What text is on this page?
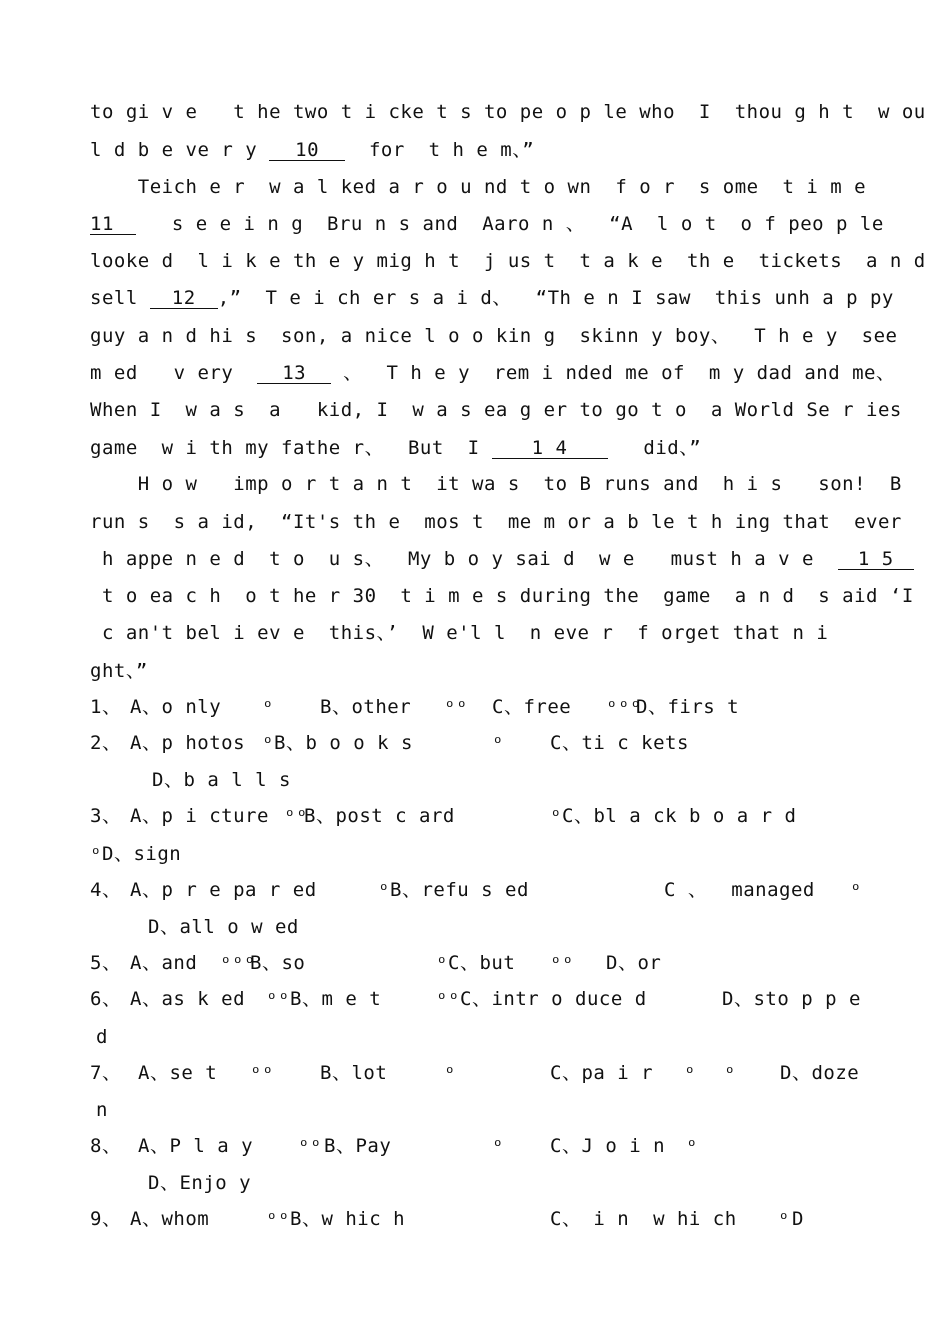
to gi v e   t he two t i cke t s to pe o p le who  I  thou g h t  w ou
l d b e ve r y 10  for  t h e m、”
Teich e r  w a l ked a r o u nd t o wn  f o r  s ome  t i m e
11   s e e i n g  Bru n s and  Aaro n 、  “A  l o t  o f peo p le
looke d  l i k e th e y mig h t  j us t  t a k e  th e  tickets  a n d
sell 12 ,”  T e i ch er s a i d、  “Th e n I saw  this unh a p py
guy a n d hi s  son, a nice l o o kin g  skinn y boy、  T h e y  see
m ed   v ery  13 、  T h e y  rem i nded me of  m y dad and me、
When I  w a s  a   kid, I  w a s ea g er to go t o  a World Se r ies
game  w i th my fathe r、  But  I 1 4   did、”
H o w   imp o r t a n t  it wa s  to B runs and  h i s   son!  B
run s  s a id,  “It's th e  mos t  me m or a b le t h ing that  ever
h appe n e d  t o  u s、  My b o y sai d  w e   must h a v e  1 5
t o ea c h  o t he r 30  t i m e s during the  game  a n d  s aid ‘I
c an't bel i ev e  this、’  W e'l l  n eve r  f orget that n i
ght、”
1、 A、o nly ᵒ B、other ᵒᵒ C、free ᵒᵒᵒ
D、firs t
2、 A、p hotos ᵒ B、b o o k s	ᵒ C、ti c kets
D、b a l l s
3、 A、p i cture ᵒᵒ
B、post c ard	ᵒ C、bl a ck b o a r d
ᵒ D、sign
4、 A、p r e pa r ed	ᵒ B、refu s ed	C 、  managed ᵒ
D、all o w ed
5、 A、and ᵒᵒᵒ
B、so	ᵒ C、but ᵒᵒ D、or
6、 A、as k ed ᵒᵒ B、m e t	ᵒᵒ C、intr o duce d	D、sto p p e
d
7、 A、se t ᵒᵒ B、lot	ᵒ	C、pa i r ᵒ ᵒ D、doze
n
8、 A、P l a y ᵒᵒ B、Pay	ᵒ C、J o i n ᵒ
D、Enjo y
9、 A、whom	ᵒᵒ B、w hic h	C、 i n  w hi ch ᵒ D
